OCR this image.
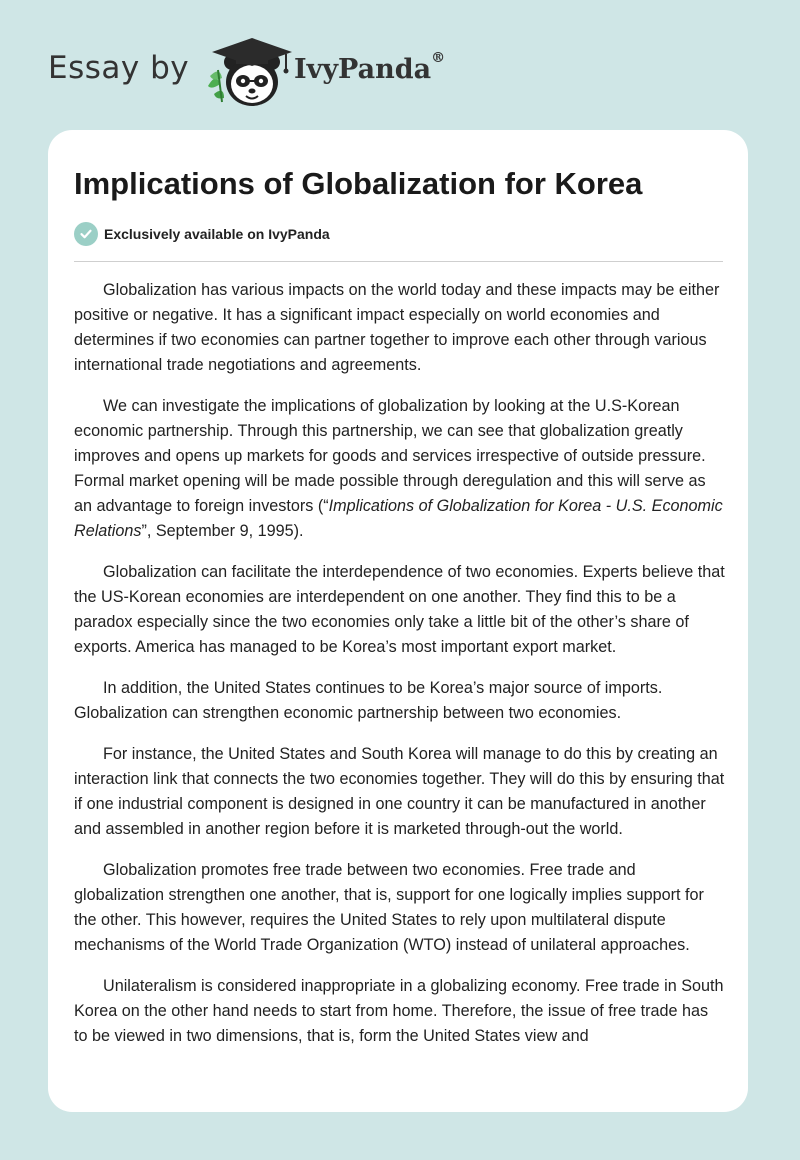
Essay by	IvyPanda®
Implications of Globalization for Korea
Exclusively available on IvyPanda

Globalization has various impacts on the world today and these impacts may be either positive or negative. It has a significant impact especially on world economies and determines if two economies can partner together to improve each other through various international trade negotiations and agreements.

We can investigate the implications of globalization by looking at the U.S-Korean economic partnership. Through this partnership, we can see that globalization greatly improves and opens up markets for goods and services irrespective of outside pressure. Formal market opening will be made possible through deregulation and this will serve as an advantage to foreign investors (“Implications of Globalization for Korea - U.S. Economic Relations”, September 9, 1995).

Globalization can facilitate the interdependence of two economies. Experts believe that the US-Korean economies are interdependent on one another. They find this to be a paradox especially since the two economies only take a little bit of the other’s share of exports. America has managed to be Korea’s most important export market.

In addition, the United States continues to be Korea’s major source of imports. Globalization can strengthen economic partnership between two economies.

For instance, the United States and South Korea will manage to do this by creating an interaction link that connects the two economies together. They will do this by ensuring that if one industrial component is designed in one country it can be manufactured in another and assembled in another region before it is marketed through-out the world.

Globalization promotes free trade between two economies. Free trade and globalization strengthen one another, that is, support for one logically implies support for the other. This however, requires the United States to rely upon multilateral dispute mechanisms of the World Trade Organization (WTO) instead of unilateral approaches.

Unilateralism is considered inappropriate in a globalizing economy. Free trade in South Korea on the other hand needs to start from home. Therefore, the issue of free trade has to be viewed in two dimensions, that is, form the United States view and
